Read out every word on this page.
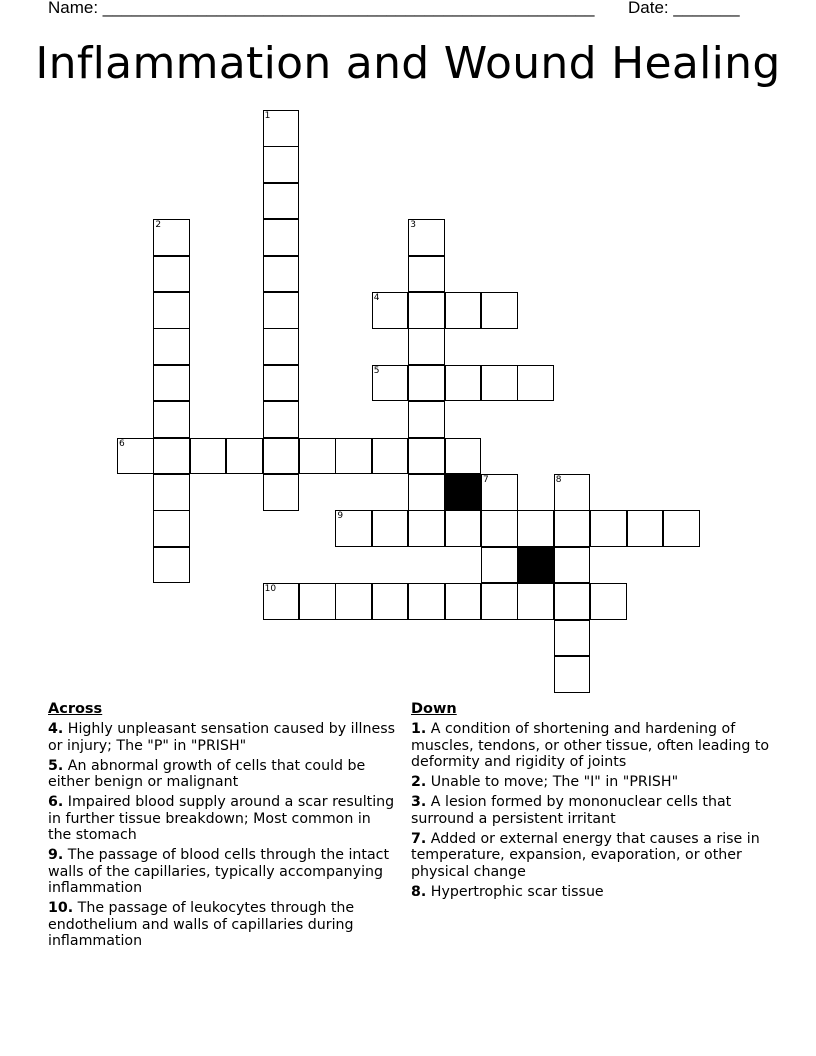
Name: ____________________________________________________ Date: _______
Inflammation and Wound Healing
1
2	3
4
5
6
7	8
9
10
Across
4. Highly unpleasant sensation caused by illness or injury; The "P" in "PRISH"
5. An abnormal growth of cells that could be either benign or malignant
6. Impaired blood supply around a scar resulting in further tissue breakdown; Most common in the stomach
9. The passage of blood cells through the intact walls of the capillaries, typically accompanying inflammation
10. The passage of leukocytes through the endothelium and walls of capillaries during inflammation
Down
1. A condition of shortening and hardening of muscles, tendons, or other tissue, often leading to deformity and rigidity of joints
2. Unable to move; The "I" in "PRISH"
3. A lesion formed by mononuclear cells that surround a persistent irritant
7. Added or external energy that causes a rise in temperature, expansion, evaporation, or other physical change
8. Hypertrophic scar tissue
